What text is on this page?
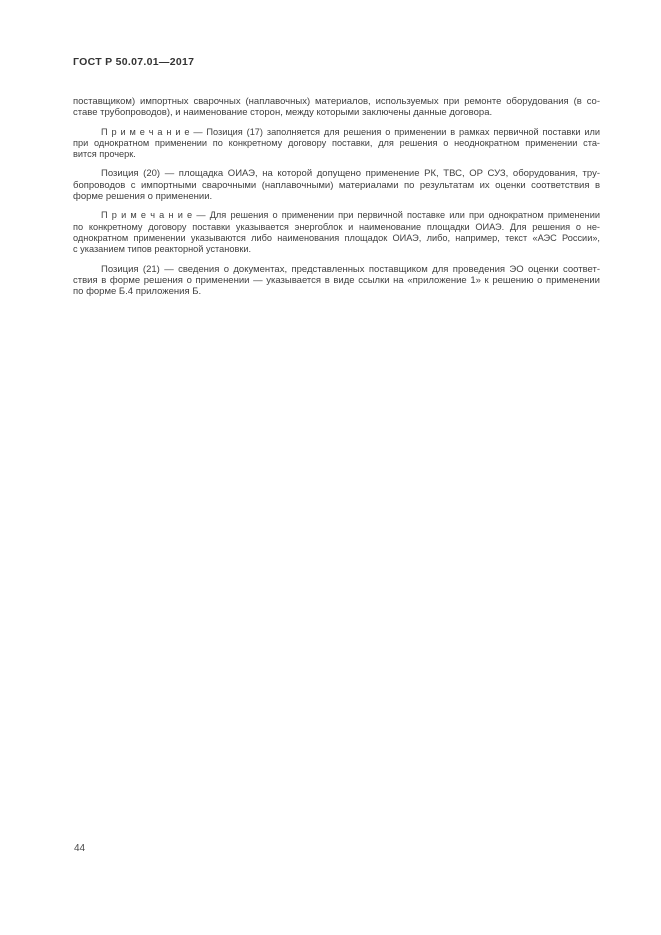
ГОСТ Р 50.07.01—2017
поставщиком) импортных сварочных (наплавочных) материалов, используемых при ремонте оборудования (в со-
ставе трубопроводов), и наименование сторон, между которыми заключены данные договора.
П р и м е ч а н и е — Позиция (17) заполняется для решения о применении в рамках первичной поставки или
при однократном применении по конкретному договору поставки, для решения о неоднократном применении ста-
вится прочерк.
Позиция (20) — площадка ОИАЭ, на которой допущено применение РК, ТВС, ОР СУЗ, оборудования, тру-
бопроводов с импортными сварочными (наплавочными) материалами по результатам их оценки соответствия в
форме решения о применении.
П р и м е ч а н и е — Для решения о применении при первичной поставке или при однократном применении
по конкретному договору поставки указывается энергоблок и наименование площадки ОИАЭ. Для решения о не-
однократном применении указываются либо наименования площадок ОИАЭ, либо, например, текст «АЭС России»,
с указанием типов реакторной установки.
Позиция (21) — сведения о документах, представленных поставщиком для проведения ЭО оценки соответ-
ствия в форме решения о применении — указывается в виде ссылки на «приложение 1» к решению о применении
по форме Б.4 приложения Б.
44
